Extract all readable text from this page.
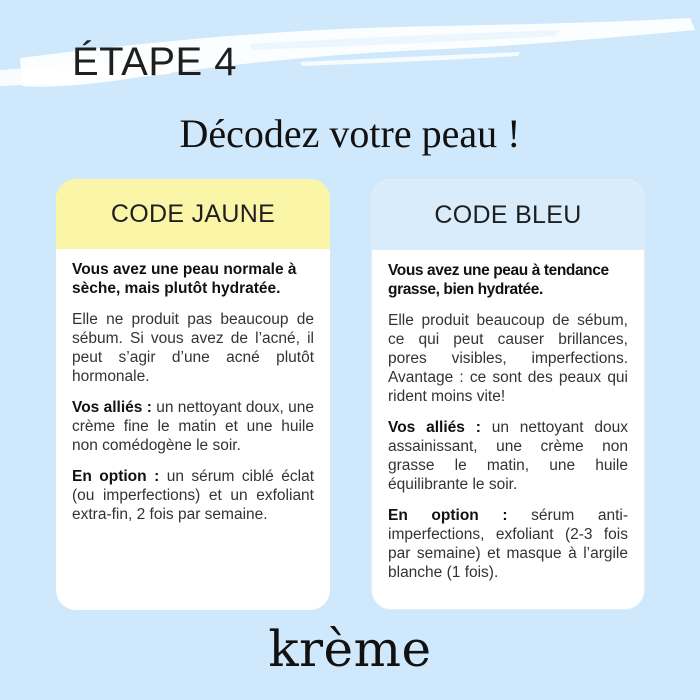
ÉTAPE 4
Décodez votre peau !
CODE JAUNE

Vous avez une peau normale à sèche, mais plutôt hydratée.

Elle ne produit pas beaucoup de sébum. Si vous avez de l’acné, il peut s’agir d’une acné plutôt hormonale.

Vos alliés : un nettoyant doux, une crème fine le matin et une huile non comédogène le soir.

En option : un sérum ciblé éclat (ou imperfections) et un exfoliant extra-fin, 2 fois par semaine.

CODE BLEU

Vous avez une peau à tendance grasse, bien hydratée.

Elle produit beaucoup de sébum, ce qui peut causer brillances, pores visibles, imperfections. Avantage : ce sont des peaux qui rident moins vite!

Vos alliés : un nettoyant doux assainissant, une crème non grasse le matin, une huile équilibrante le soir.

En option : sérum anti-imperfections, exfoliant (2-3 fois par semaine) et masque à l’argile blanche (1 fois).

krème
